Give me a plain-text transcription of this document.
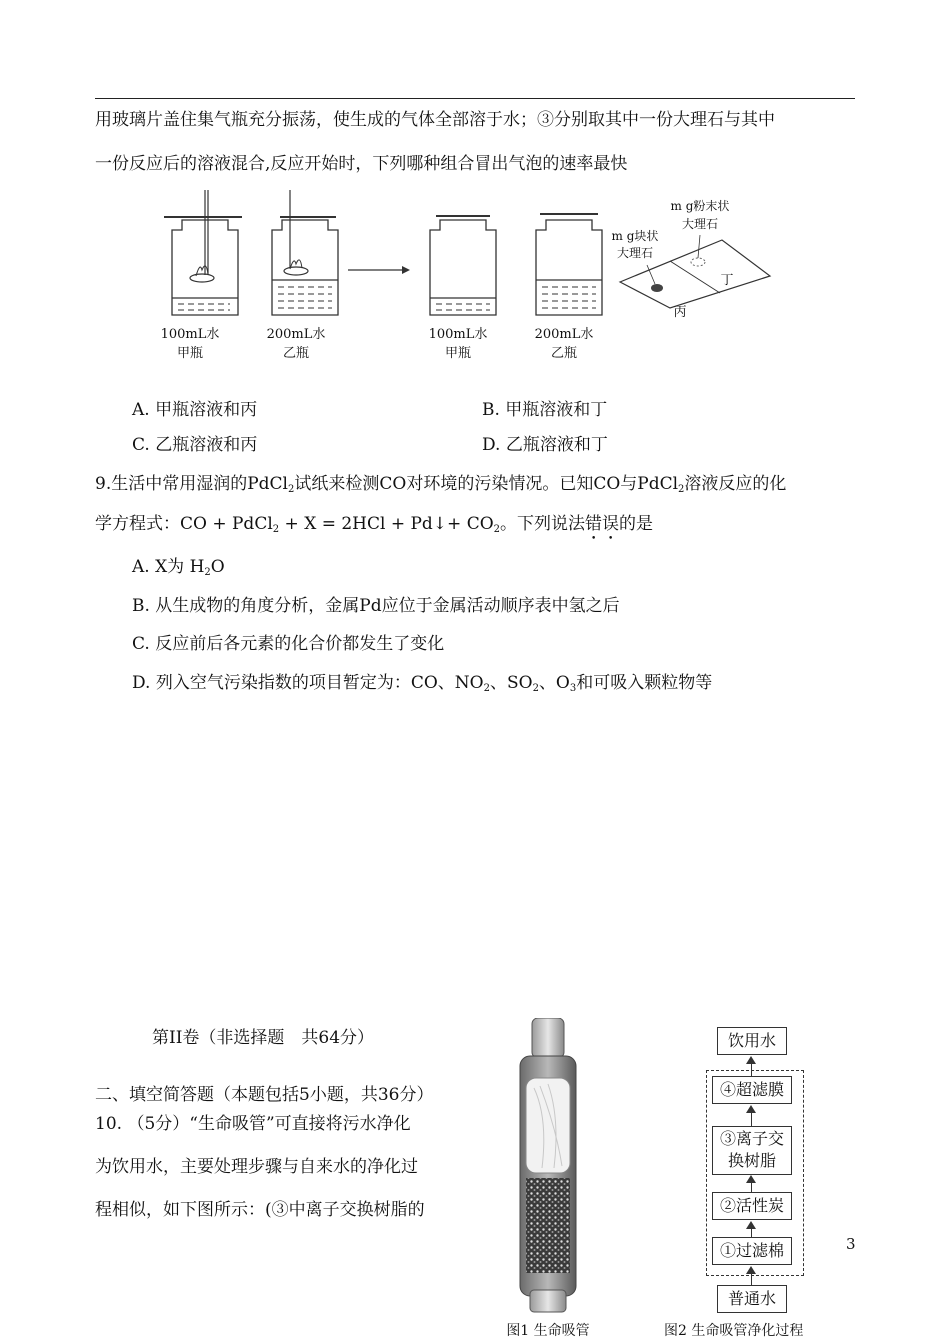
用玻璃片盖住集气瓶充分振荡，使生成的气体全部溶于水；③分别取其中一份大理石与其中
一份反应后的溶液混合,反应开始时，下列哪种组合冒出气泡的速率最快
100mL水
甲瓶
200mL水
乙瓶
100mL水
甲瓶
200mL水
乙瓶
m g块状
大理石
m g粉末状
大理石
丙
丁
A. 甲瓶溶液和丙	B. 甲瓶溶液和丁
C. 乙瓶溶液和丙	D. 乙瓶溶液和丁
9.生活中常用湿润的PdCl$_2$试纸来检测CO对环境的污染情况。已知CO与PdCl$_2$溶液反应的化
学方程式：CO + PdCl$_2$ + X = 2HCl + Pd↓+ $CO_2$。下列说法错误的是
A. X为 $H_2O$
B. 从生成物的角度分析，金属Pd应位于金属活动顺序表中氢之后
C. 反应前后各元素的化合价都发生了变化
D. 列入空气污染指数的项目暂定为：CO、$NO_2$、$SO_2$、$O_3$和可吸入颗粒物等
第II卷（非选择题　共64分）
二、填空简答题（本题包括5小题，共36分）
10. （5分）“生命吸管”可直接将污水净化
为饮用水，主要处理步骤与自来水的净化过
程相似，如下图所示：(③中离子交换树脂的
饮用水
④超滤膜
③离子交
换树脂
②活性炭
①过滤棉
普通水
图1 生命吸管	图2 生命吸管净化过程
3
